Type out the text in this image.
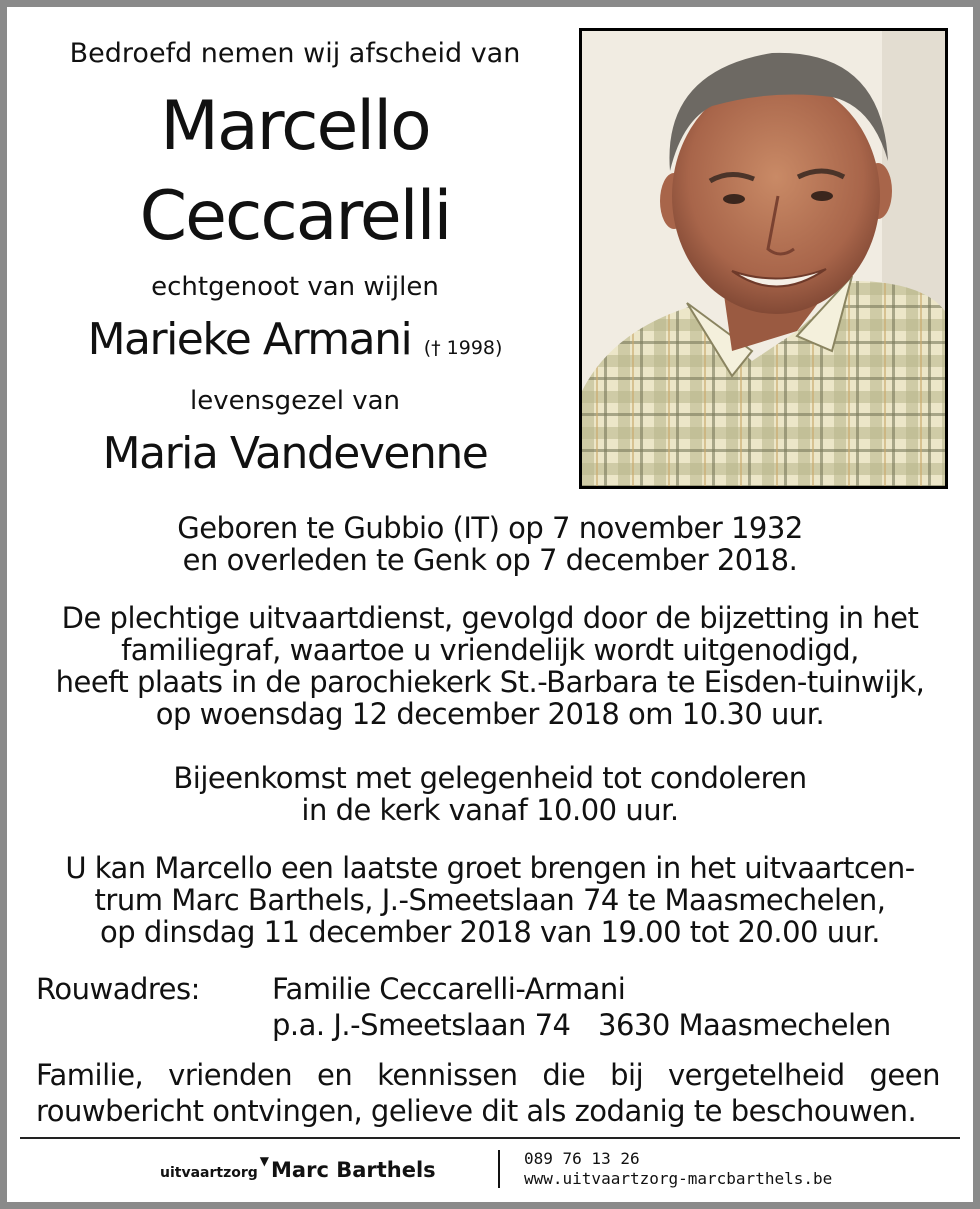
Bedroefd nemen wij afscheid van
Marcello
Ceccarelli
echtgenoot van wijlen
Marieke Armani († 1998)
levensgezel van
Maria Vandevenne
Geboren te Gubbio (IT) op 7 november 1932
en overleden te Genk op 7 december 2018.
De plechtige uitvaartdienst, gevolgd door de bijzetting in het
familiegraf, waartoe u vriendelijk wordt uitgenodigd,
heeft plaats in de parochiekerk St.-Barbara te Eisden-tuinwijk,
op woensdag 12 december 2018 om 10.30 uur.
Bijeenkomst met gelegenheid tot condoleren
in de kerk vanaf 10.00 uur.
U kan Marcello een laatste groet brengen in het uitvaartcen-
trum Marc Barthels, J.-Smeetslaan 74 te Maasmechelen,
op dinsdag 11 december 2018 van 19.00 tot 20.00 uur.
Rouwadres: Familie Ceccarelli-Armani
p.a. J.-Smeetslaan 74 3630 Maasmechelen
Familie, vrienden en kennissen die bij vergetelheid geen
rouwbericht ontvingen, gelieve dit als zodanig te beschouwen.
uitvaartzorg▼Marc Barthels	089 76 13 26
www.uitvaartzorg-marcbarthels.be
